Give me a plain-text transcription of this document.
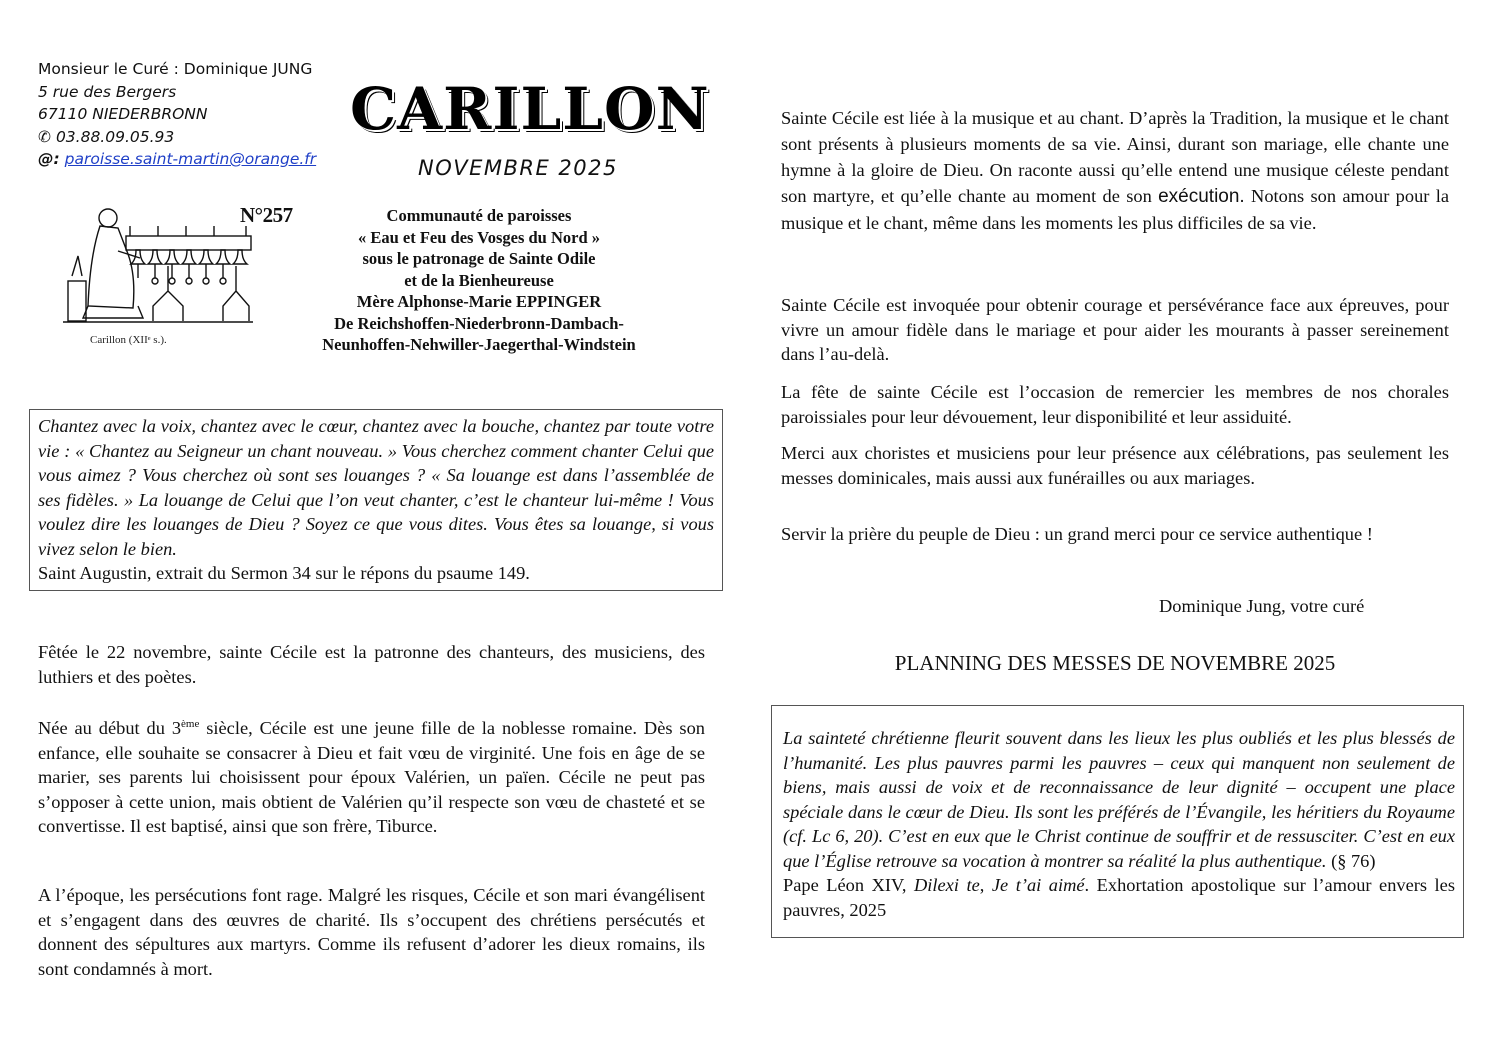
Monsieur le Curé : Dominique JUNG
5 rue des Bergers
67110 NIEDERBRONN
✆ 03.88.09.05.93
@: paroisse.saint-martin@orange.fr
CARILLON
NOVEMBRE 2025
Carillon (XIIᵉ s.).
N°257	Communauté de paroisses
« Eau et Feu des Vosges du Nord »
sous le patronage de Sainte Odile
et de la Bienheureuse
Mère Alphonse-Marie EPPINGER
De Reichshoffen-Niederbronn-Dambach-
Neunhoffen-Nehwiller-Jaegerthal-Windstein
Chantez avec la voix, chantez avec le cœur, chantez avec la bouche, chantez par toute votre vie : « Chantez au Seigneur un chant nouveau. » Vous cherchez comment chanter Celui que vous aimez ? Vous cherchez où sont ses louanges ? « Sa louange est dans l’assemblée de ses fidèles. » La louange de Celui que l’on veut chanter, c’est le chanteur lui-même ! Vous voulez dire les louanges de Dieu ? Soyez ce que vous dites. Vous êtes sa louange, si vous vivez selon le bien.
Saint Augustin, extrait du Sermon 34 sur le répons du psaume 149.
Fêtée le 22 novembre, sainte Cécile est la patronne des chanteurs, des musiciens, des luthiers et des poètes.
Née au début du 3ème siècle, Cécile est une jeune fille de la noblesse romaine. Dès son enfance, elle souhaite se consacrer à Dieu et fait vœu de virginité. Une fois en âge de se marier, ses parents lui choisissent pour époux Valérien, un païen. Cécile ne peut pas s’opposer à cette union, mais obtient de Valérien qu’il respecte son vœu de chasteté et se convertisse. Il est baptisé, ainsi que son frère, Tiburce.
A l’époque, les persécutions font rage. Malgré les risques, Cécile et son mari évangélisent et s’engagent dans des œuvres de charité. Ils s’occupent des chrétiens persécutés et donnent des sépultures aux martyrs. Comme ils refusent d’adorer les dieux romains, ils sont condamnés à mort.
Sainte Cécile est liée à la musique et au chant. D’après la Tradition, la musique et le chant sont présents à plusieurs moments de sa vie. Ainsi, durant son mariage, elle chante une hymne à la gloire de Dieu. On raconte aussi qu’elle entend une musique céleste pendant son martyre, et qu’elle chante au moment de son exécution. Notons son amour pour la musique et le chant, même dans les moments les plus difficiles de sa vie.
Sainte Cécile est invoquée pour obtenir courage et persévérance face aux épreuves, pour vivre un amour fidèle dans le mariage et pour aider les mourants à passer sereinement dans l’au-delà.
La fête de sainte Cécile est l’occasion de remercier les membres de nos chorales paroissiales pour leur dévouement, leur disponibilité et leur assiduité.
Merci aux choristes et musiciens pour leur présence aux célébrations, pas seulement les messes dominicales, mais aussi aux funérailles ou aux mariages.
Servir la prière du peuple de Dieu : un grand merci pour ce service authentique !
Dominique Jung, votre curé
PLANNING DES MESSES DE NOVEMBRE 2025
La sainteté chrétienne fleurit souvent dans les lieux les plus oubliés et les plus blessés de l’humanité. Les plus pauvres parmi les pauvres – ceux qui manquent non seulement de biens, mais aussi de voix et de reconnaissance de leur dignité – occupent une place spéciale dans le cœur de Dieu. Ils sont les préférés de l’Évangile, les héritiers du Royaume (cf. Lc 6, 20). C’est en eux que le Christ continue de souffrir et de ressusciter. C’est en eux que l’Église retrouve sa vocation à montrer sa réalité la plus authentique. (§ 76)
Pape Léon XIV, Dilexi te, Je t’ai aimé. Exhortation apostolique sur l’amour envers les pauvres, 2025
